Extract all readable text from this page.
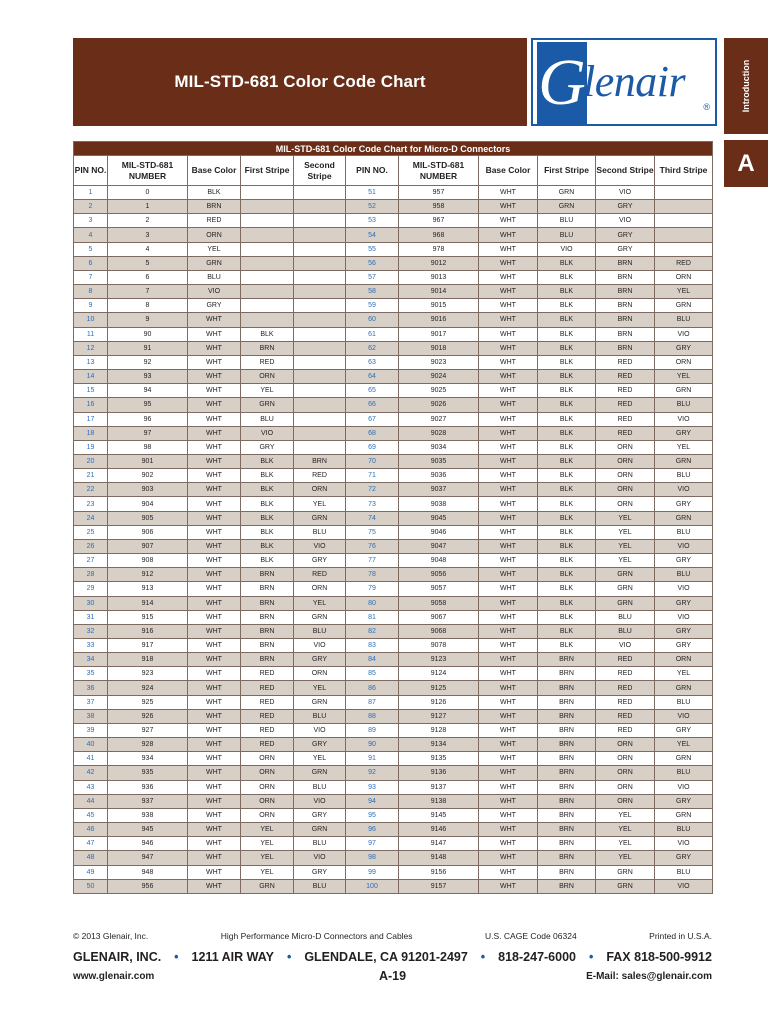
MIL-STD-681 Color Code Chart G
lenair
®	Introduction
A
MIL-STD-681 Color Code Chart for Micro-D Connectors										
PIN NO.	MIL-STD-681 NUMBER	Base Color	First Stripe	Second Stripe	PIN NO.	MIL-STD-681 NUMBER	Base Color	First Stripe	Second Stripe	Third Stripe
1	0	BLK			51	957	WHT	GRN	VIO	
2	1	BRN			52	958	WHT	GRN	GRY	
3	2	RED			53	967	WHT	BLU	VIO	
4	3	ORN			54	968	WHT	BLU	GRY	
5	4	YEL			55	978	WHT	VIO	GRY	
6	5	GRN			56	9012	WHT	BLK	BRN	RED
7	6	BLU			57	9013	WHT	BLK	BRN	ORN
8	7	VIO			58	9014	WHT	BLK	BRN	YEL
9	8	GRY			59	9015	WHT	BLK	BRN	GRN
10	9	WHT			60	9016	WHT	BLK	BRN	BLU
11	90	WHT	BLK		61	9017	WHT	BLK	BRN	VIO
12	91	WHT	BRN		62	9018	WHT	BLK	BRN	GRY
13	92	WHT	RED		63	9023	WHT	BLK	RED	ORN
14	93	WHT	ORN		64	9024	WHT	BLK	RED	YEL
15	94	WHT	YEL		65	9025	WHT	BLK	RED	GRN
16	95	WHT	GRN		66	9026	WHT	BLK	RED	BLU
17	96	WHT	BLU		67	9027	WHT	BLK	RED	VIO
18	97	WHT	VIO		68	9028	WHT	BLK	RED	GRY
19	98	WHT	GRY		69	9034	WHT	BLK	ORN	YEL
20	901	WHT	BLK	BRN	70	9035	WHT	BLK	ORN	GRN
21	902	WHT	BLK	RED	71	9036	WHT	BLK	ORN	BLU
22	903	WHT	BLK	ORN	72	9037	WHT	BLK	ORN	VIO
23	904	WHT	BLK	YEL	73	9038	WHT	BLK	ORN	GRY
24	905	WHT	BLK	GRN	74	9045	WHT	BLK	YEL	GRN
25	906	WHT	BLK	BLU	75	9046	WHT	BLK	YEL	BLU
26	907	WHT	BLK	VIO	76	9047	WHT	BLK	YEL	VIO
27	908	WHT	BLK	GRY	77	9048	WHT	BLK	YEL	GRY
28	912	WHT	BRN	RED	78	9056	WHT	BLK	GRN	BLU
29	913	WHT	BRN	ORN	79	9057	WHT	BLK	GRN	VIO
30	914	WHT	BRN	YEL	80	9058	WHT	BLK	GRN	GRY
31	915	WHT	BRN	GRN	81	9067	WHT	BLK	BLU	VIO
32	916	WHT	BRN	BLU	82	9068	WHT	BLK	BLU	GRY
33	917	WHT	BRN	VIO	83	9078	WHT	BLK	VIO	GRY
34	918	WHT	BRN	GRY	84	9123	WHT	BRN	RED	ORN
35	923	WHT	RED	ORN	85	9124	WHT	BRN	RED	YEL
36	924	WHT	RED	YEL	86	9125	WHT	BRN	RED	GRN
37	925	WHT	RED	GRN	87	9126	WHT	BRN	RED	BLU
38	926	WHT	RED	BLU	88	9127	WHT	BRN	RED	VIO
39	927	WHT	RED	VIO	89	9128	WHT	BRN	RED	GRY
40	928	WHT	RED	GRY	90	9134	WHT	BRN	ORN	YEL
41	934	WHT	ORN	YEL	91	9135	WHT	BRN	ORN	GRN
42	935	WHT	ORN	GRN	92	9136	WHT	BRN	ORN	BLU
43	936	WHT	ORN	BLU	93	9137	WHT	BRN	ORN	VIO
44	937	WHT	ORN	VIO	94	9138	WHT	BRN	ORN	GRY
45	938	WHT	ORN	GRY	95	9145	WHT	BRN	YEL	GRN
46	945	WHT	YEL	GRN	96	9146	WHT	BRN	YEL	BLU
47	946	WHT	YEL	BLU	97	9147	WHT	BRN	YEL	VIO
48	947	WHT	YEL	VIO	98	9148	WHT	BRN	YEL	GRY
49	948	WHT	YEL	GRY	99	9156	WHT	BRN	GRN	BLU
50	956	WHT	GRN	BLU	100	9157	WHT	BRN	GRN	VIO
© 2013 Glenair, Inc.	High Performance Micro-D Connectors and Cables	U.S. CAGE Code 06324	Printed in U.S.A.
GLENAIR, INC. • 1211 AIR WAY • GLENDALE, CA 91201-2497 • 818-247-6000 • FAX 818-500-9912
www.glenair.com	A-19	E-Mail: sales@glenair.com
